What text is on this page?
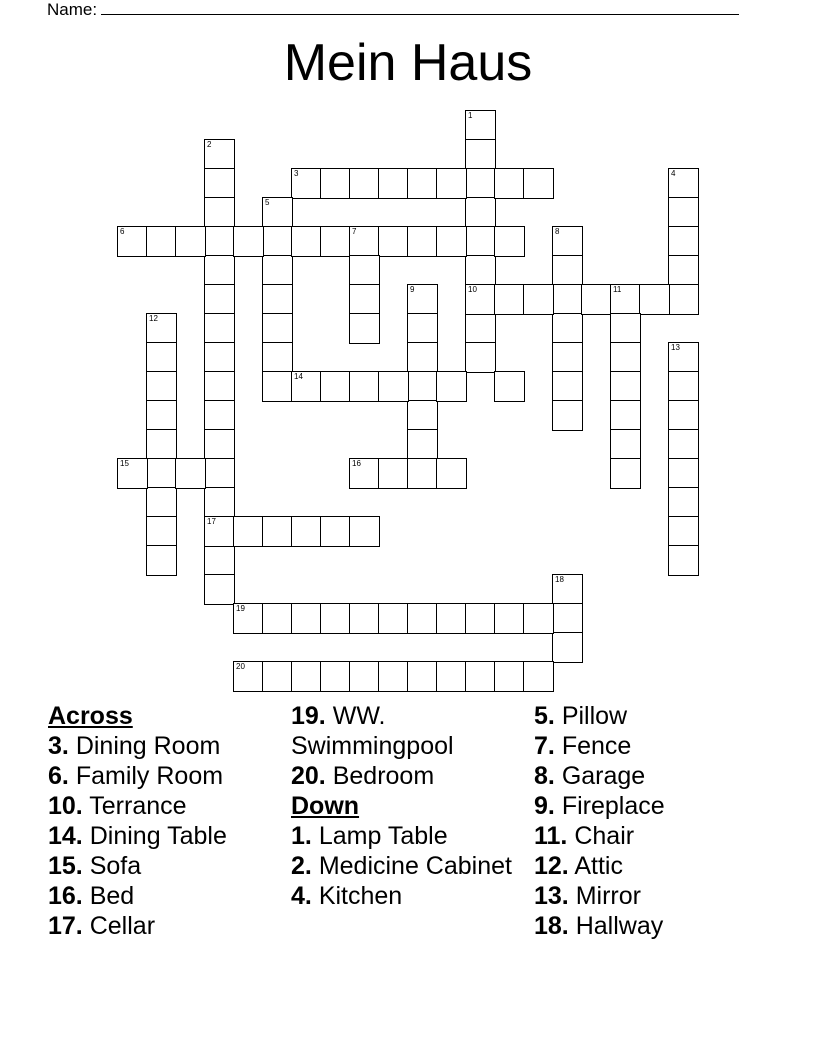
Name:
Mein Haus
1
2
3	4
5
6	7	8
9	10	11
12
13
14
15	16
17
18
19
20
Across
3. Dining Room
6. Family Room
10. Terrance
14. Dining Table
15. Sofa
16. Bed
17. Cellar
19. WW. Swimmingpool
20. Bedroom
Down
1. Lamp Table
2. Medicine Cabinet
4. Kitchen
5. Pillow
7. Fence
8. Garage
9. Fireplace
11. Chair
12. Attic
13. Mirror
18. Hallway
